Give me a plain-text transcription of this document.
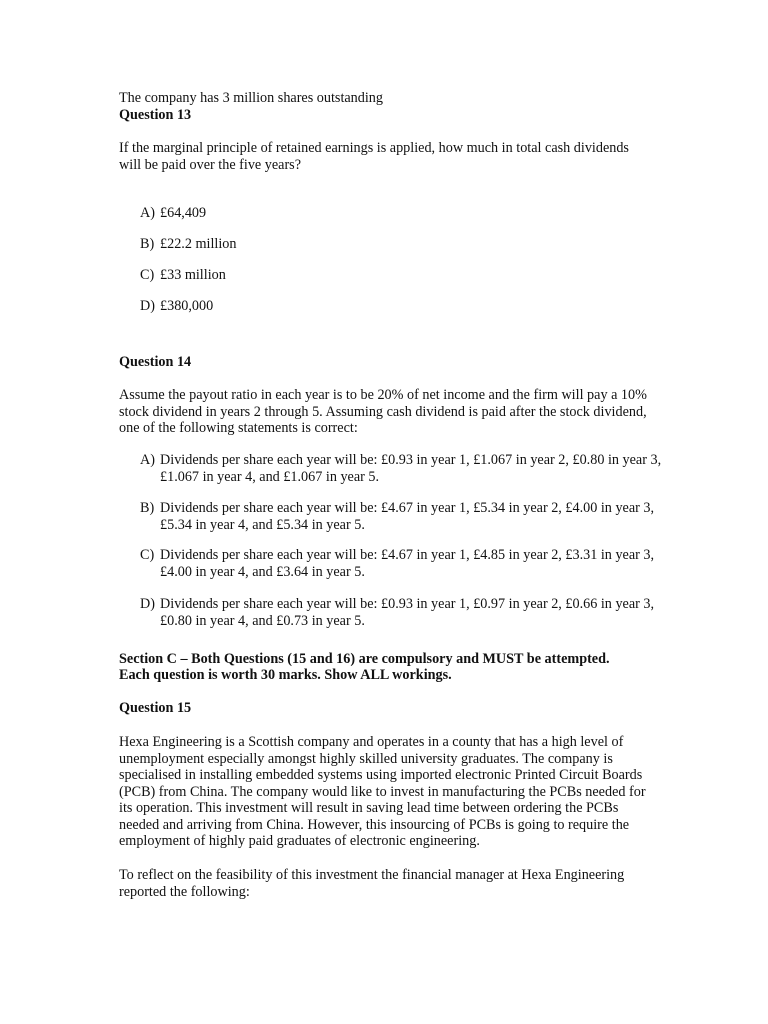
The company has 3 million shares outstanding

Question 13

If the marginal principle of retained earnings is applied, how much in total cash dividends will be paid over the five years?

A) £64,409

B) £22.2 million

C) £33 million

D) £380,000

Question 14

Assume the payout ratio in each year is to be 20% of net income and the firm will pay a 10% stock dividend in years 2 through 5. Assuming cash dividend is paid after the stock dividend, one of the following statements is correct:

A) Dividends per share each year will be: £0.93 in year 1, £1.067 in year 2, £0.80 in year 3, £1.067 in year 4, and £1.067 in year 5.

B) Dividends per share each year will be: £4.67 in year 1, £5.34 in year 2, £4.00 in year 3, £5.34 in year 4, and £5.34 in year 5.

C) Dividends per share each year will be: £4.67 in year 1, £4.85 in year 2, £3.31 in year 3, £4.00 in year 4, and £3.64 in year 5.

D) Dividends per share each year will be: £0.93 in year 1, £0.97 in year 2, £0.66 in year 3, £0.80 in year 4, and £0.73 in year 5.

Section C – Both Questions (15 and 16) are compulsory and MUST be attempted.

Each question is worth 30 marks. Show ALL workings.

Question 15

Hexa Engineering is a Scottish company and operates in a county that has a high level of unemployment especially amongst highly skilled university graduates. The company is specialised in installing embedded systems using imported electronic Printed Circuit Boards (PCB) from China. The company would like to invest in manufacturing the PCBs needed for its operation. This investment will result in saving lead time between ordering the PCBs needed and arriving from China. However, this insourcing of PCBs is going to require the employment of highly paid graduates of electronic engineering.

To reflect on the feasibility of this investment the financial manager at Hexa Engineering reported the following:
